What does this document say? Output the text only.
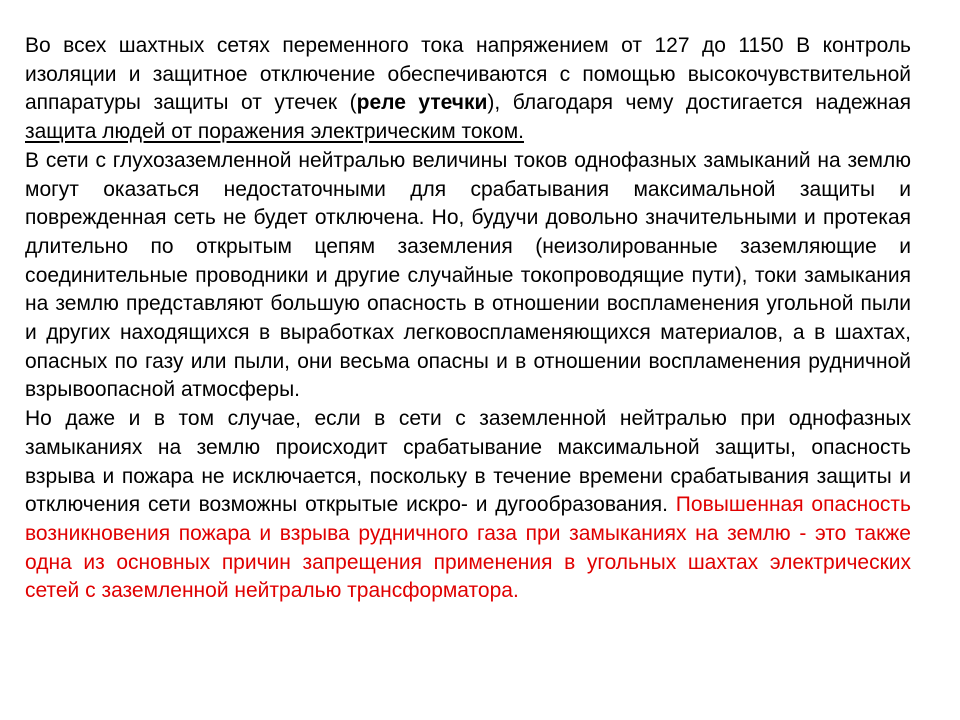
Во всех шахтных сетях переменного тока напряжением от 127 до 1150 В контроль изоляции и защитное отключение обеспечиваются с помощью высокочувствительной аппаратуры защиты от утечек (реле утечки), благодаря чему достигается надежная защита людей от поражения электрическим током.

В сети с глухозаземленной нейтралью величины токов однофазных замыканий на землю могут оказаться недостаточными для срабатывания максимальной защиты и поврежденная сеть не будет отключена. Но, будучи довольно значительными и протекая длительно по открытым цепям заземления (неизолированные заземляющие и соединительные проводники и другие случайные токопроводящие пути), токи замыкания на землю представляют большую опасность в отношении воспламенения угольной пыли и других находящихся в выработках легковоспламеняющихся материалов, а в шахтах, опасных по газу или пыли, они весьма опасны и в отношении воспламенения рудничной взрывоопасной атмосферы.

Но даже и в том случае, если в сети с заземленной нейтралью при однофазных замыканиях на землю происходит срабатывание максимальной защиты, опасность взрыва и пожара не исключается, поскольку в течение времени срабатывания защиты и отключения сети возможны открытые искро- и дугообразования. Повышенная опасность возникновения пожара и взрыва рудничного газа при замыканиях на землю - это также одна из основных причин запрещения применения в угольных шахтах электрических сетей с заземленной нейтралью трансформатора.
